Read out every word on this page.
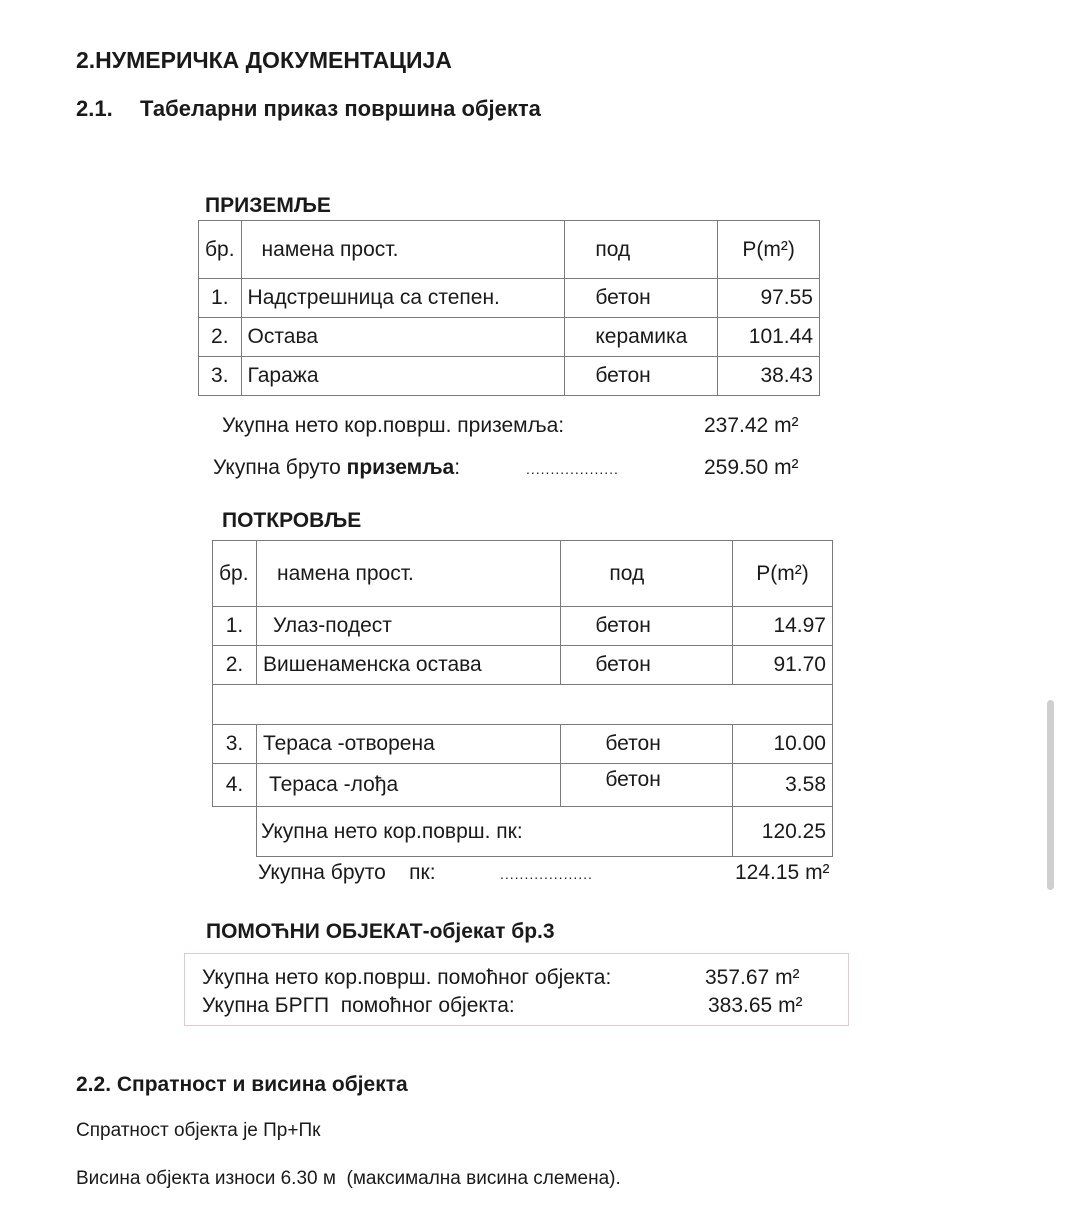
2.НУМЕРИЧКА ДОКУМЕНТАЦИЈА
2.1. Табеларни приказ површина објекта
ПРИЗЕМЉЕ
бр.	намена прост.	под	P(m²)
1.	Надстрешница са степен.	бетон	97.55
2.	Остава	керамика	101.44
3.	Гаража	бетон	38.43
Укупна нето кор.површ. приземља:	237.42 m²
Укупна бруто приземља:	...................	259.50 m²
ПОТКРОВЉЕ
бр.	намена прост.	под	P(m²)
1.	Улаз-подест	бетон	14.97
2.	Вишенаменска остава	бетон	91.70

3.	Тераса -отворена	бетон	10.00
4.	Тераса -лођа	бетон	3.58
	Укупна нето кор.површ. пк:		120.25
Укупна бруто    пк:	...................	124.15 m²
ПОМОЋНИ ОБЈЕКАТ-објекат бр.3
Укупна нето кор.површ. помоћног објекта:	357.67 m²
Укупна БРГП  помоћног објекта:	383.65 m²
2.2. Спратност и висина објекта
Спратност објекта је Пр+Пк
Висина објекта износи 6.30 м  (максимална висина слемена).
